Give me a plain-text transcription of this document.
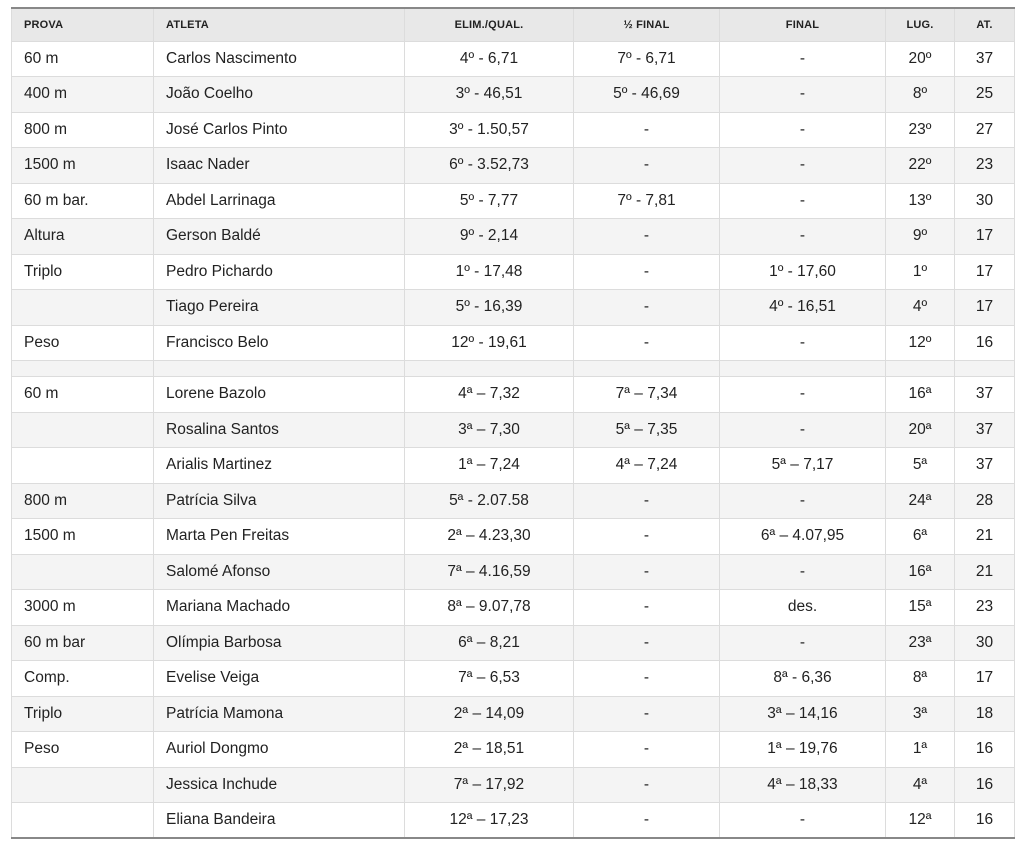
PROVA	ATLETA	ELIM./QUAL.	½ FINAL	FINAL	LUG.	AT.
60 m	Carlos Nascimento	4º - 6,71	7º - 6,71	-	20º	37
400 m	João Coelho	3º - 46,51	5º - 46,69	-	8º	25
800 m	José Carlos Pinto	3º - 1.50,57	-	-	23º	27
1500 m	Isaac Nader	6º - 3.52,73	-	-	22º	23
60 m bar.	Abdel Larrinaga	5º - 7,77	7º - 7,81	-	13º	30
Altura	Gerson Baldé	9º - 2,14	-	-	9º	17
Triplo	Pedro Pichardo	1º - 17,48	-	1º - 17,60	1º	17
	Tiago Pereira	5º - 16,39	-	4º - 16,51	4º	17
Peso	Francisco Belo	12º - 19,61	-	-	12º	16

60 m	Lorene Bazolo	4ª – 7,32	7ª – 7,34	-	16ª	37
	Rosalina Santos	3ª – 7,30	5ª – 7,35	-	20ª	37
	Arialis Martinez	1ª – 7,24	4ª – 7,24	5ª – 7,17	5ª	37
800 m	Patrícia Silva	5ª - 2.07.58	-	-	24ª	28
1500 m	Marta Pen Freitas	2ª – 4.23,30	-	6ª – 4.07,95	6ª	21
	Salomé Afonso	7ª – 4.16,59	-	-	16ª	21
3000 m	Mariana Machado	8ª – 9.07,78	-	des.	15ª	23
60 m bar	Olímpia Barbosa	6ª – 8,21	-	-	23ª	30
Comp.	Evelise Veiga	7ª – 6,53	-	8ª - 6,36	8ª	17
Triplo	Patrícia Mamona	2ª – 14,09	-	3ª – 14,16	3ª	18
Peso	Auriol Dongmo	2ª – 18,51	-	1ª – 19,76	1ª	16
	Jessica Inchude	7ª – 17,92	-	4ª – 18,33	4ª	16
	Eliana Bandeira	12ª – 17,23	-	-	12ª	16
